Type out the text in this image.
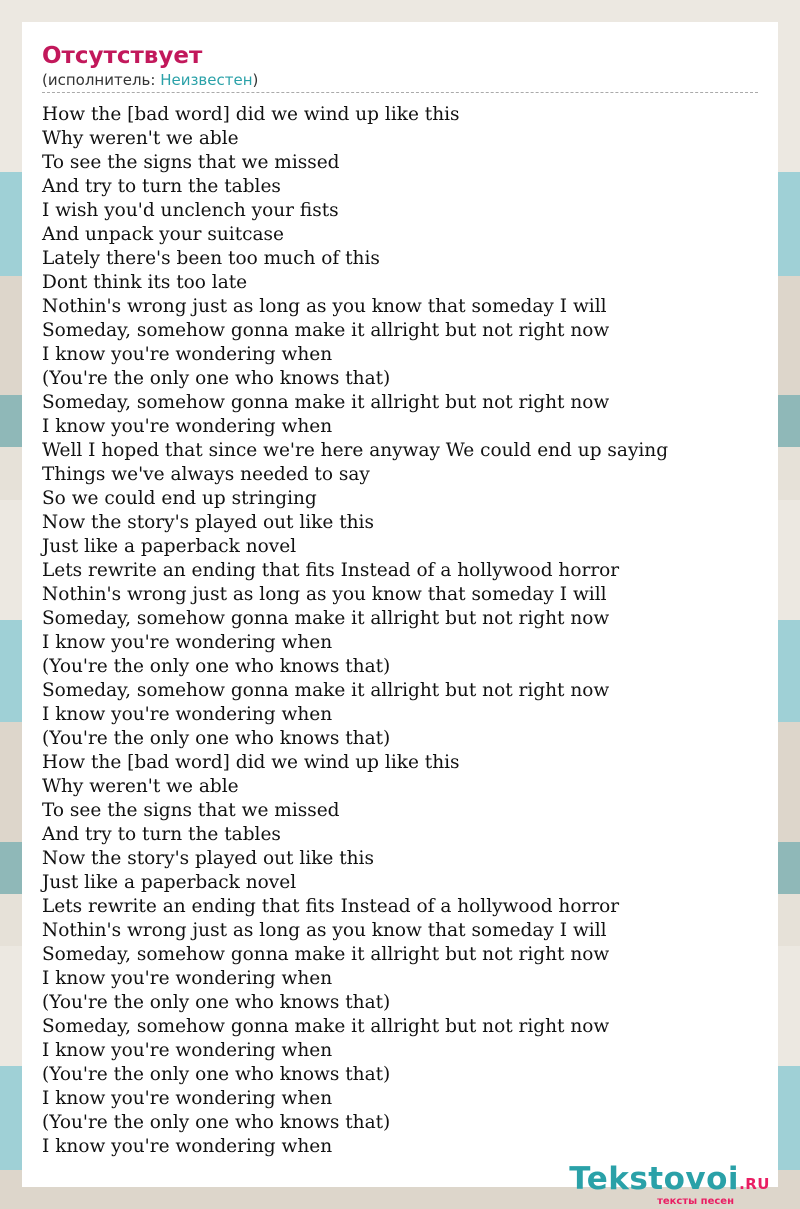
Отсутствует
(исполнитель: Неизвестен)
How the [bad word] did we wind up like this
Why weren't we able
To see the signs that we missed
And try to turn the tables
I wish you'd unclench your fists
And unpack your suitcase
Lately there's been too much of this
Dont think its too late
Nothin's wrong just as long as you know that someday I will
Someday, somehow gonna make it allright but not right now
I know you're wondering when
(You're the only one who knows that)
Someday, somehow gonna make it allright but not right now
I know you're wondering when
Well I hoped that since we're here anyway We could end up saying
Things we've always needed to say
So we could end up stringing
Now the story's played out like this
Just like a paperback novel
Lets rewrite an ending that fits Instead of a hollywood horror
Nothin's wrong just as long as you know that someday I will
Someday, somehow gonna make it allright but not right now
I know you're wondering when
(You're the only one who knows that)
Someday, somehow gonna make it allright but not right now
I know you're wondering when
(You're the only one who knows that)
How the [bad word] did we wind up like this
Why weren't we able
To see the signs that we missed
And try to turn the tables
Now the story's played out like this
Just like a paperback novel
Lets rewrite an ending that fits Instead of a hollywood horror
Nothin's wrong just as long as you know that someday I will
Someday, somehow gonna make it allright but not right now
I know you're wondering when
(You're the only one who knows that)
Someday, somehow gonna make it allright but not right now
I know you're wondering when
(You're the only one who knows that)
I know you're wondering when
(You're the only one who knows that)
I know you're wondering when
Tekstovoi.RU
тексты песен
